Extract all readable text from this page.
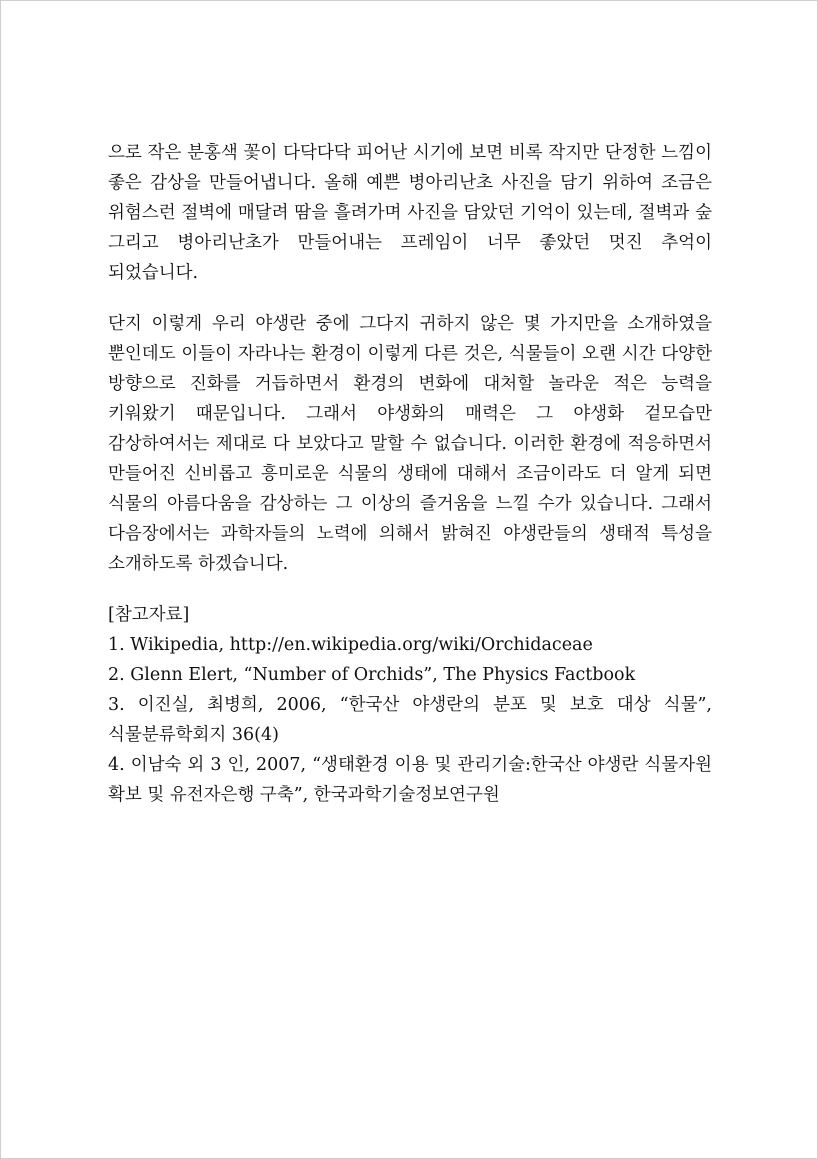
으로 작은 분홍색 꽃이 다닥다닥 피어난 시기에 보면 비록 작지만 단정한 느낌이 좋은 감상을 만들어냅니다. 올해 예쁜 병아리난초 사진을 담기 위하여 조금은 위험스런 절벽에 매달려 땀을 흘려가며 사진을 담았던 기억이 있는데, 절벽과 숲 그리고 병아리난초가 만들어내는 프레임이 너무 좋았던 멋진 추억이 되었습니다.

단지 이렇게 우리 야생란 중에 그다지 귀하지 않은 몇 가지만을 소개하였을 뿐인데도 이들이 자라나는 환경이 이렇게 다른 것은, 식물들이 오랜 시간 다양한 방향으로 진화를 거듭하면서 환경의 변화에 대처할 놀라운 적은 능력을 키워왔기 때문입니다. 그래서 야생화의 매력은 그 야생화 겉모습만 감상하여서는 제대로 다 보았다고 말할 수 없습니다. 이러한 환경에 적응하면서 만들어진 신비롭고 흥미로운 식물의 생태에 대해서 조금이라도 더 알게 되면 식물의 아름다움을 감상하는 그 이상의 즐거움을 느낄 수가 있습니다. 그래서 다음장에서는 과학자들의 노력에 의해서 밝혀진 야생란들의 생태적 특성을 소개하도록 하겠습니다.

[참고자료]

1. Wikipedia, http://en.wikipedia.org/wiki/Orchidaceae
2. Glenn Elert, “Number of Orchids”, The Physics Factbook
3. 이진실, 최병희, 2006, “한국산 야생란의 분포 및 보호 대상 식물”, 식물분류학회지 36(4)
4. 이남숙 외 3 인, 2007, “생태환경 이용 및 관리기술:한국산 야생란 식물자원 확보 및 유전자은행 구축”, 한국과학기술정보연구원
